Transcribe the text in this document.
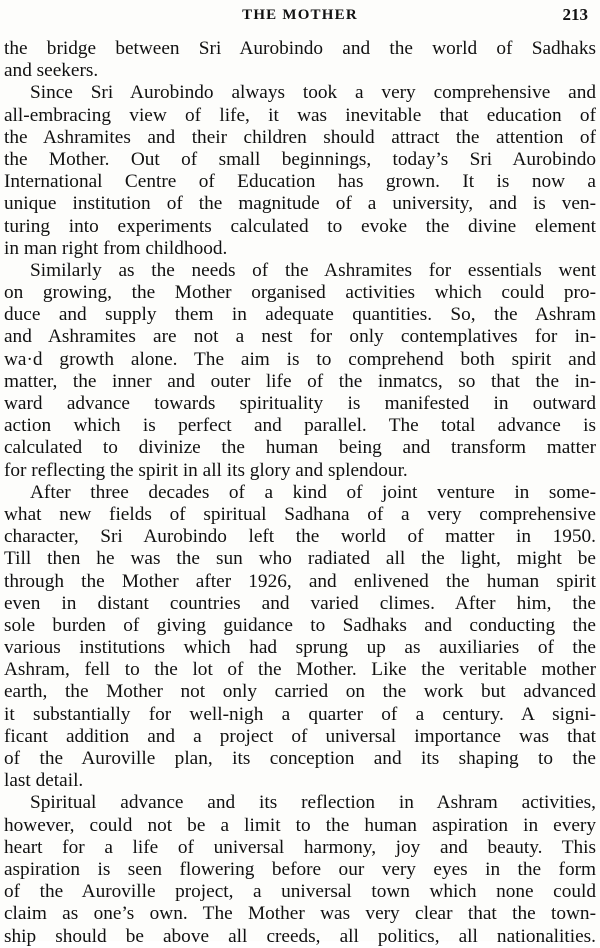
THE MOTHER	213
the bridge between Sri Aurobindo and the world of Sadhaks
and seekers.
Since Sri Aurobindo always took a very comprehensive and
all-embracing view of life, it was inevitable that education of
the Ashramites and their children should attract the attention of
the Mother. Out of small beginnings, today’s Sri Aurobindo
International Centre of Education has grown. It is now a
unique institution of the magnitude of a university, and is ven-
turing into experiments calculated to evoke the divine element
in man right from childhood.
Similarly as the needs of the Ashramites for essentials went
on growing, the Mother organised activities which could pro-
duce and supply them in adequate quantities. So, the Ashram
and Ashramites are not a nest for only contemplatives for in-
wa·d growth alone. The aim is to comprehend both spirit and
matter, the inner and outer life of the inmatcs, so that the in-
ward advance towards spirituality is manifested in outward
action which is perfect and parallel. The total advance is
calculated to divinize the human being and transform matter
for reflecting the spirit in all its glory and splendour.
After three decades of a kind of joint venture in some-
what new fields of spiritual Sadhana of a very comprehensive
character, Sri Aurobindo left the world of matter in 1950.
Till then he was the sun who radiated all the light, might be
through the Mother after 1926, and enlivened the human spirit
even in distant countries and varied climes. After him, the
sole burden of giving guidance to Sadhaks and conducting the
various institutions which had sprung up as auxiliaries of the
Ashram, fell to the lot of the Mother. Like the veritable mother
earth, the Mother not only carried on the work but advanced
it substantially for well-nigh a quarter of a century. A signi-
ficant addition and a project of universal importance was that
of the Auroville plan, its conception and its shaping to the
last detail.
Spiritual advance and its reflection in Ashram activities,
however, could not be a limit to the human aspiration in every
heart for a life of universal harmony, joy and beauty. This
aspiration is seen flowering before our very eyes in the form
of the Auroville project, a universal town which none could
claim as one’s own. The Mother was very clear that the town-
ship should be above all creeds, all politics, all nationalities.
